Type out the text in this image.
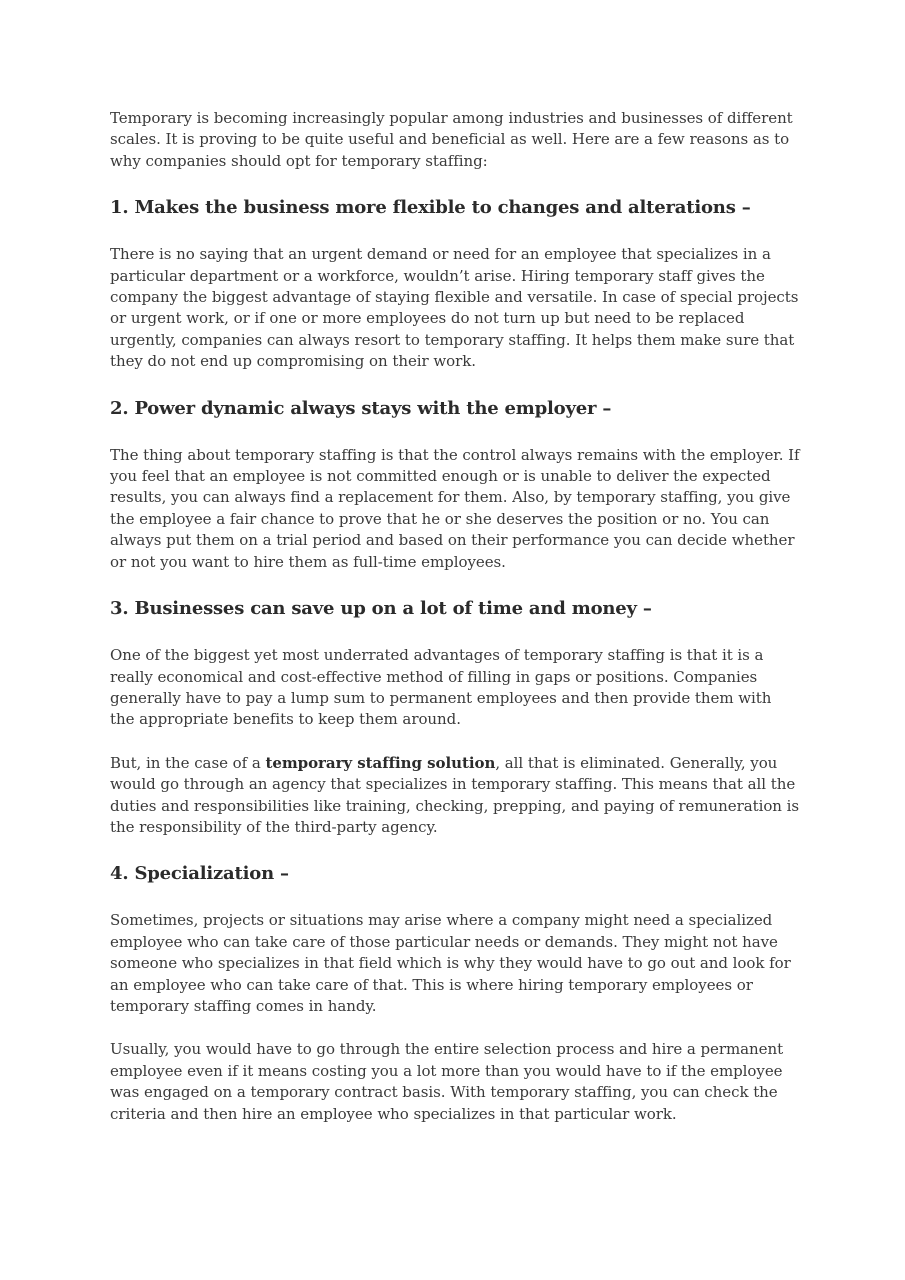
Temporary is becoming increasingly popular among industries and businesses of different scales. It is proving to be quite useful and beneficial as well. Here are a few reasons as to why companies should opt for temporary staffing:

1. Makes the business more flexible to changes and alterations –

There is no saying that an urgent demand or need for an employee that specializes in a particular department or a workforce, wouldn’t arise. Hiring temporary staff gives the company the biggest advantage of staying flexible and versatile. In case of special projects or urgent work, or if one or more employees do not turn up but need to be replaced urgently, companies can always resort to temporary staffing. It helps them make sure that they do not end up compromising on their work.

2. Power dynamic always stays with the employer –

The thing about temporary staffing is that the control always remains with the employer. If you feel that an employee is not committed enough or is unable to deliver the expected results, you can always find a replacement for them. Also, by temporary staffing, you give the employee a fair chance to prove that he or she deserves the position or no. You can always put them on a trial period and based on their performance you can decide whether or not you want to hire them as full-time employees.

3. Businesses can save up on a lot of time and money –

One of the biggest yet most underrated advantages of temporary staffing is that it is a really economical and cost-effective method of filling in gaps or positions. Companies generally have to pay a lump sum to permanent employees and then provide them with the appropriate benefits to keep them around.

But, in the case of a temporary staffing solution, all that is eliminated. Generally, you would go through an agency that specializes in temporary staffing. This means that all the duties and responsibilities like training, checking, prepping, and paying of remuneration is the responsibility of the third-party agency.

4. Specialization –

Sometimes, projects or situations may arise where a company might need a specialized employee who can take care of those particular needs or demands. They might not have someone who specializes in that field which is why they would have to go out and look for an employee who can take care of that. This is where hiring temporary employees or temporary staffing comes in handy.

Usually, you would have to go through the entire selection process and hire a permanent employee even if it means costing you a lot more than you would have to if the employee was engaged on a temporary contract basis. With temporary staffing, you can check the criteria and then hire an employee who specializes in that particular work.
